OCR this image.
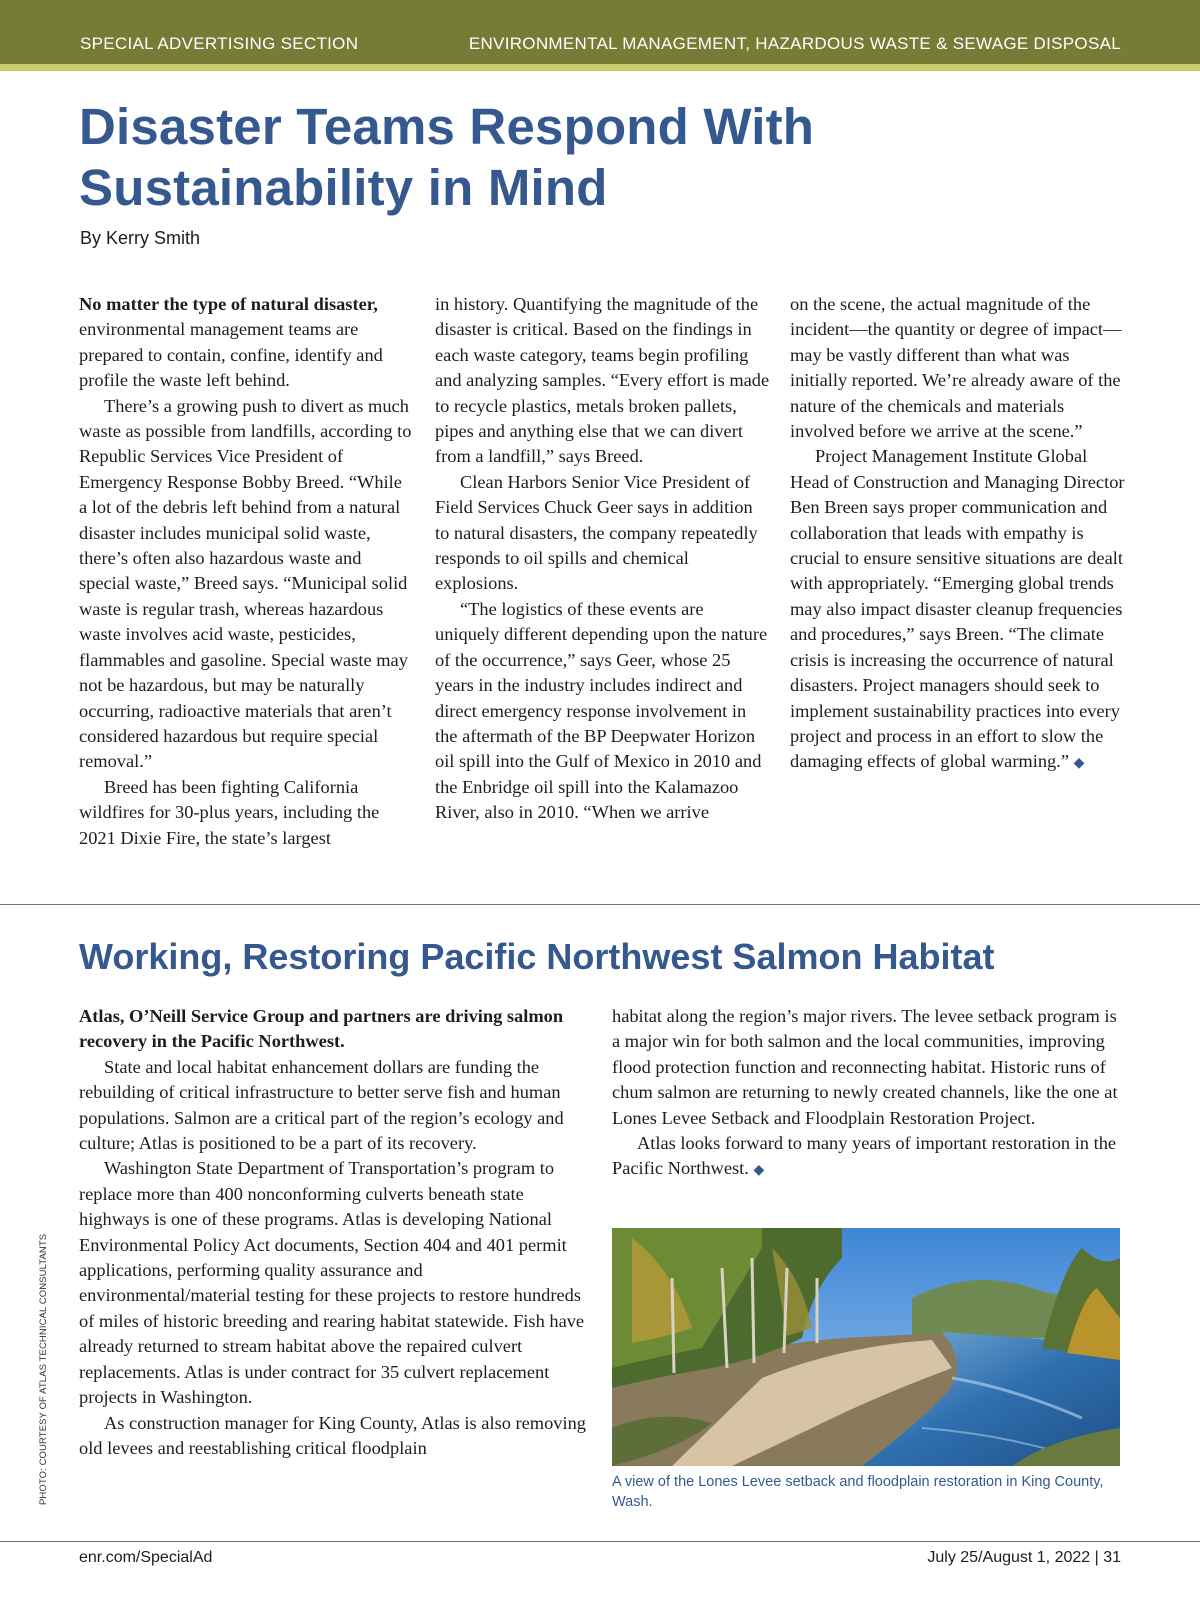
SPECIAL ADVERTISING SECTION	ENVIRONMENTAL MANAGEMENT, HAZARDOUS WASTE & SEWAGE DISPOSAL
Disaster Teams Respond With
Sustainability in Mind
By Kerry Smith

No matter the type of natural disaster, environmental management teams are prepared to contain, confine, identify and profile the waste left behind.

There’s a growing push to divert as much waste as possible from landfills, according to Republic Services Vice President of Emergency Response Bobby Breed. “While a lot of the debris left behind from a natural disaster includes municipal solid waste, there’s often also hazardous waste and special waste,” Breed says. “Municipal solid waste is regular trash, whereas hazardous waste involves acid waste, pesticides, flammables and gasoline. Special waste may not be hazardous, but may be naturally occurring, radioactive materials that aren’t considered hazardous but require special removal.”

Breed has been fighting California wildfires for 30-plus years, including the 2021 Dixie Fire, the state’s largest

in history. Quantifying the magnitude of the disaster is critical. Based on the findings in each waste category, teams begin profiling and analyzing samples. “Every effort is made to recycle plastics, metals broken pallets, pipes and anything else that we can divert from a landfill,” says Breed.

Clean Harbors Senior Vice President of Field Services Chuck Geer says in addition to natural disasters, the company repeatedly responds to oil spills and chemical explosions.

“The logistics of these events are uniquely different depending upon the nature of the occurrence,” says Geer, whose 25 years in the industry includes indirect and direct emergency response involvement in the aftermath of the BP Deepwater Horizon oil spill into the Gulf of Mexico in 2010 and the Enbridge oil spill into the Kalamazoo River, also in 2010. “When we arrive

on the scene, the actual magnitude of the incident—the quantity or degree of impact—may be vastly different than what was initially reported. We’re already aware of the nature of the chemicals and materials involved before we arrive at the scene.”

Project Management Institute Global Head of Construction and Managing Director Ben Breen says proper communication and collaboration that leads with empathy is crucial to ensure sensitive situations are dealt with appropriately. “Emerging global trends may also impact disaster cleanup frequencies and procedures,” says Breen. “The climate crisis is increasing the occurrence of natural disasters. Project managers should seek to implement sustainability practices into every project and process in an effort to slow the damaging effects of global warming.” ◆

Working, Restoring Pacific Northwest Salmon Habitat

Atlas, O’Neill Service Group and partners are driving salmon recovery in the Pacific Northwest.

State and local habitat enhancement dollars are funding the rebuilding of critical infrastructure to better serve fish and human populations. Salmon are a critical part of the region’s ecology and culture; Atlas is positioned to be a part of its recovery.

Washington State Department of Transportation’s program to replace more than 400 nonconforming culverts beneath state highways is one of these programs. Atlas is developing National Environmental Policy Act documents, Section 404 and 401 permit applications, performing quality assurance and environmental/material testing for these projects to restore hundreds of miles of historic breeding and rearing habitat statewide. Fish have already returned to stream habitat above the repaired culvert replacements. Atlas is under contract for 35 culvert replacement projects in Washington.

As construction manager for King County, Atlas is also removing old levees and reestablishing critical floodplain

habitat along the region’s major rivers. The levee setback program is a major win for both salmon and the local communities, improving flood protection function and reconnecting habitat. Historic runs of chum salmon are returning to newly created channels, like the one at Lones Levee Setback and Floodplain Restoration Project.

Atlas looks forward to many years of important restoration in the Pacific Northwest. ◆

A view of the Lones Levee setback and floodplain restoration in King County, Wash.
PHOTO: COURTESY OF ATLAS TECHNICAL CONSULTANTS
enr.com/SpecialAd	July 25/August 1, 2022 | 31
